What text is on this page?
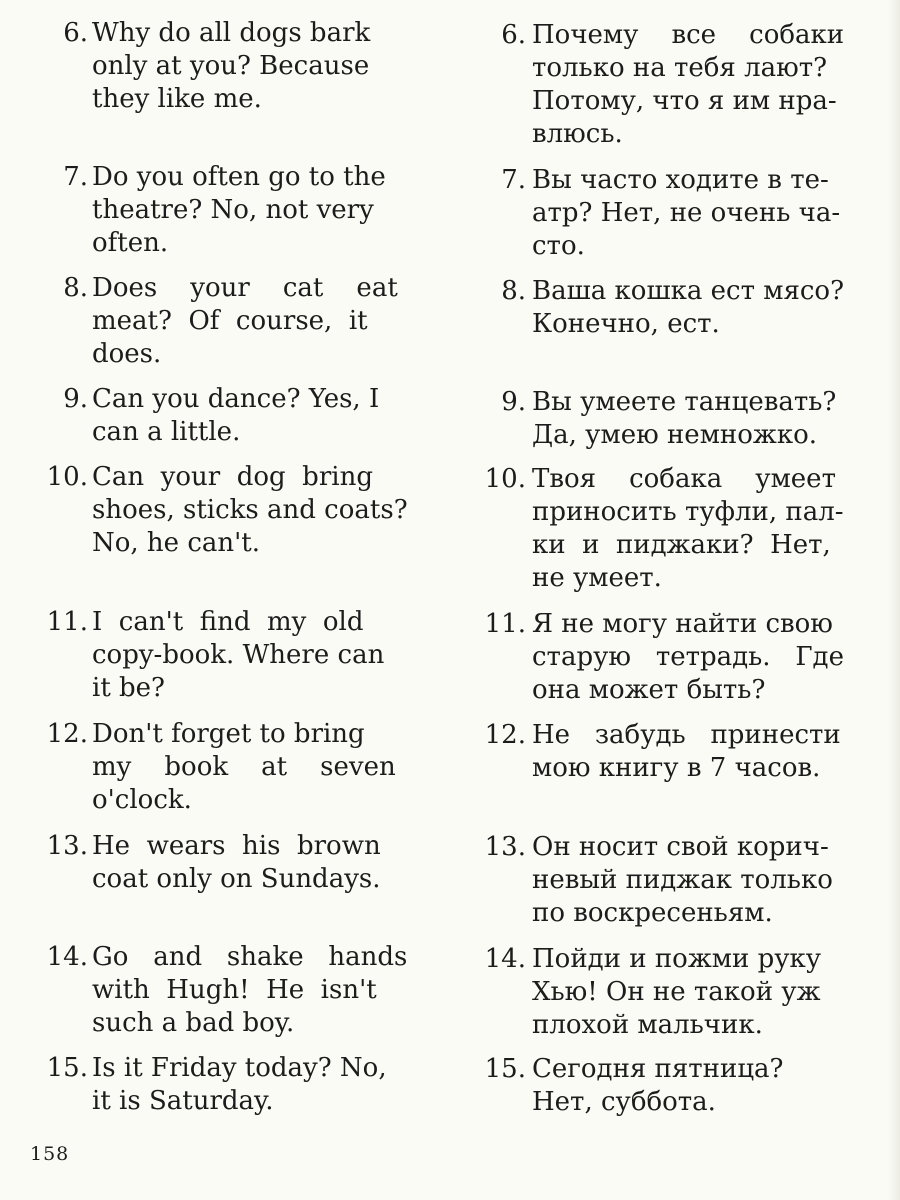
6. Why do all dogs bark
only at you? Because
they like me.
7. Do you often go to the
theatre? No, not very
often.
8. Does    your    cat    eat
meat?  Of  course,  it
does.
9. Can you dance? Yes, I
can a little.
10. Can  your  dog  bring
shoes, sticks and coats?
No, he can't.
11. I  can't  find  my  old
copy-book. Where can
it be?
12. Don't forget to bring
my    book    at    seven
o'clock.
13. He  wears  his  brown
coat only on Sundays.
14. Go   and   shake   hands
with  Hugh!  He  isn't
such a bad boy.
15. Is it Friday today? No,
it is Saturday.
6. Почему    все    собаки
только на тебя лают?
Потому, что я им нра-
влюсь.
7. Вы часто ходите в те-
атр? Нет, не очень ча-
сто.
8. Ваша кошка ест мясо?
Конечно, ест.
9. Вы умеете танцевать?
Да, умею немножко.
10. Твоя    собака    умеет
приносить туфли, пал-
ки  и  пиджаки?  Нет,
не умеет.
11. Я не могу найти свою
старую   тетрадь.   Где
она может быть?
12. Не   забудь   принести
мою книгу в 7 часов.
13. Он носит свой корич-
невый пиджак только
по воскресеньям.
14. Пойди и пожми руку
Хью! Он не такой уж
плохой мальчик.
15. Сегодня пятница?
Нет, суббота.
158
